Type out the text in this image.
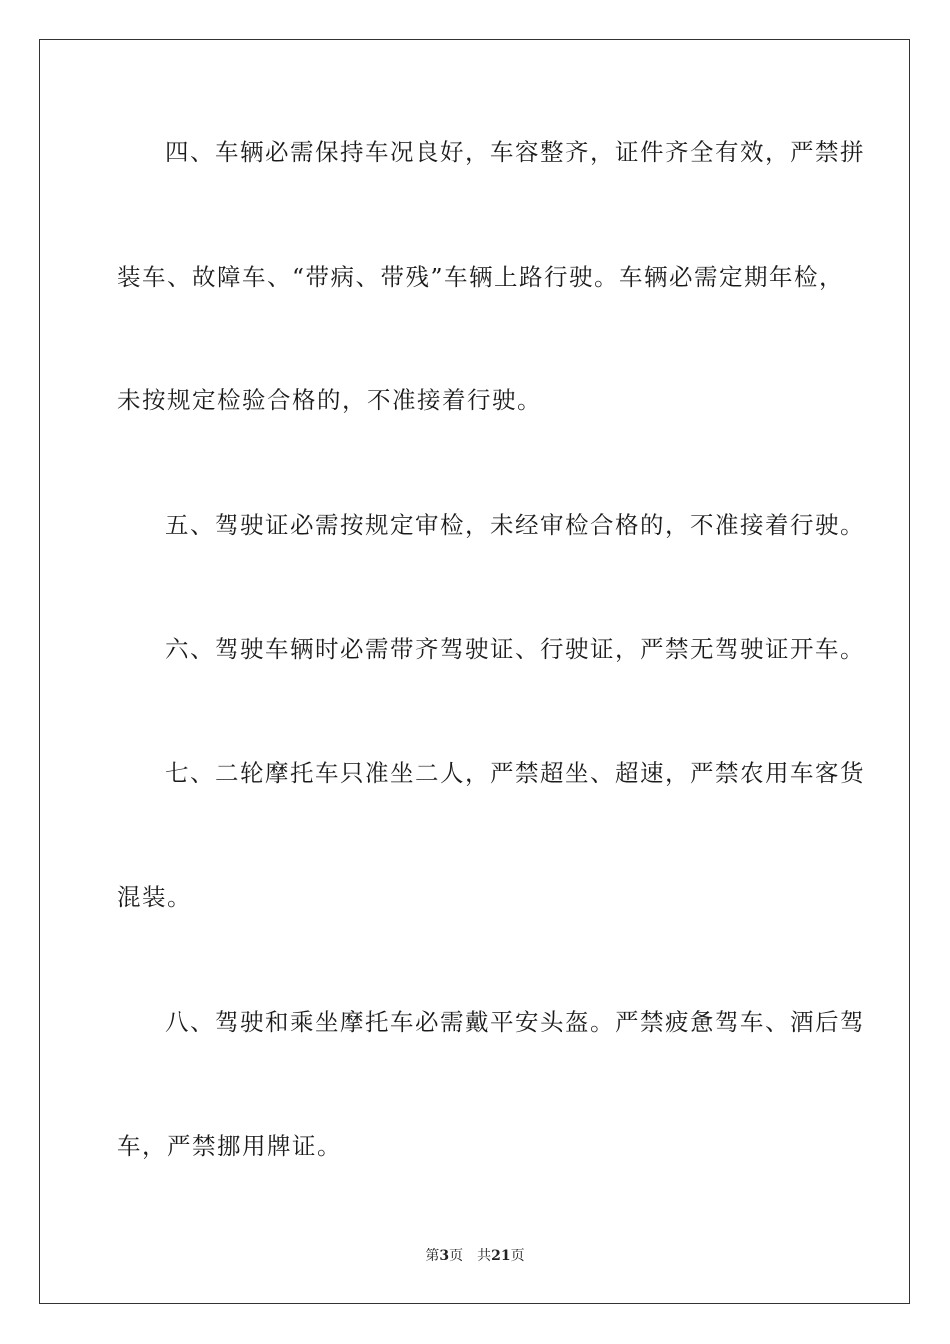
四、车辆必需保持车况良好，车容整齐，证件齐全有效，严禁拼
装车、故障车、“带病、带残”车辆上路行驶。车辆必需定期年检，
未按规定检验合格的，不准接着行驶。
五、驾驶证必需按规定审检，未经审检合格的，不准接着行驶。
六、驾驶车辆时必需带齐驾驶证、行驶证，严禁无驾驶证开车。
七、二轮摩托车只准坐二人，严禁超坐、超速，严禁农用车客货
混装。
八、驾驶和乘坐摩托车必需戴平安头盔。严禁疲惫驾车、酒后驾
车，严禁挪用牌证。
第3页 共21页
